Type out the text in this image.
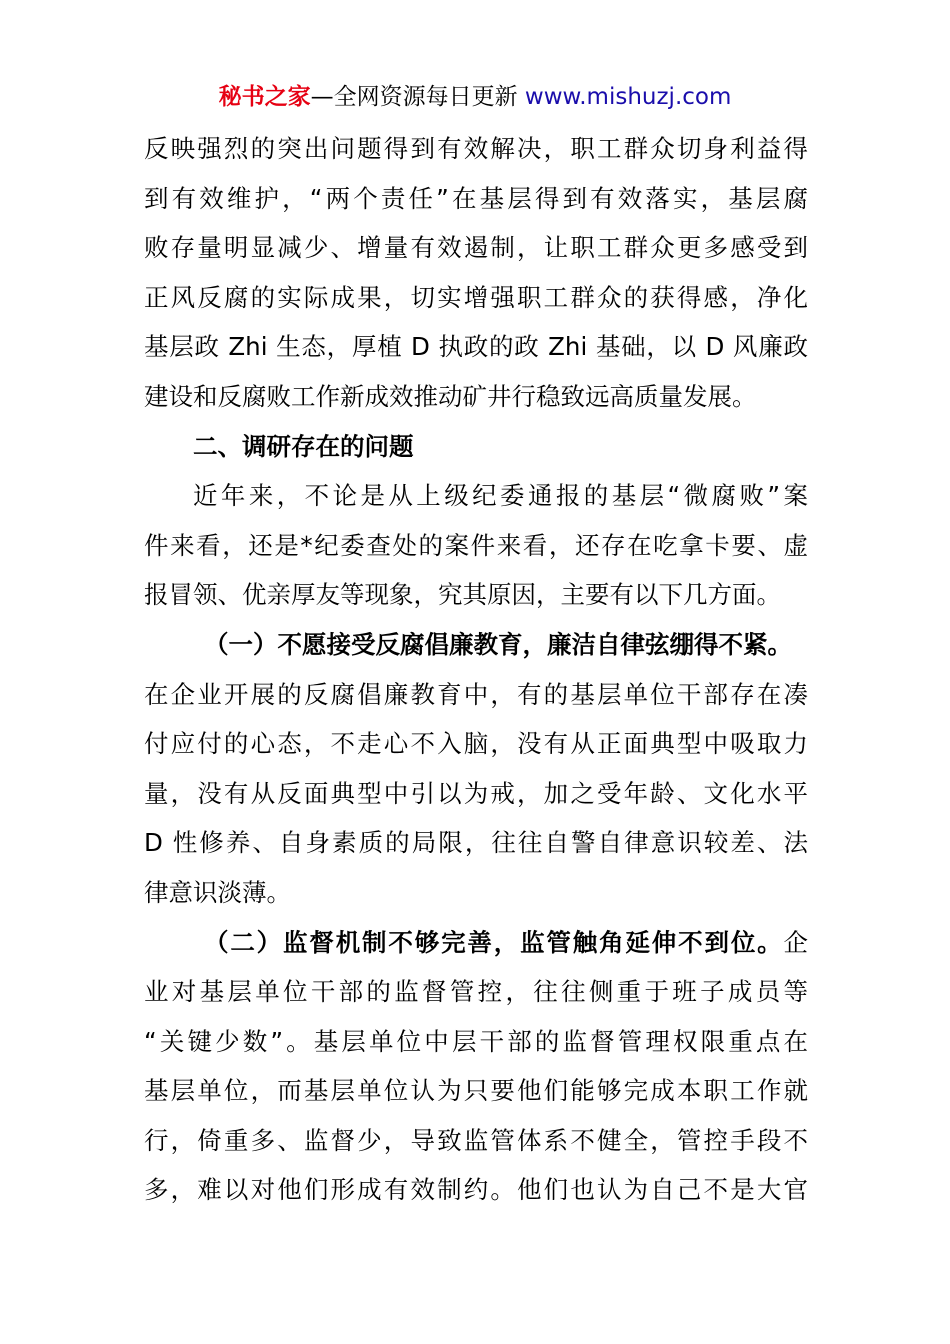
秘书之家—全网资源每日更新 www.mishuzj.com
反映强烈的突出问题得到有效解决，职工群众切身利益得
到有效维护，“两个责任”在基层得到有效落实，基层腐
败存量明显减少、增量有效遏制，让职工群众更多感受到
正风反腐的实际成果，切实增强职工群众的获得感，净化
基层政 Zhi 生态，厚植 D 执政的政 Zhi 基础，以 D 风廉政
建设和反腐败工作新成效推动矿井行稳致远高质量发展。
二、调研存在的问题
近年来，不论是从上级纪委通报的基层“微腐败”案
件来看，还是*纪委查处的案件来看，还存在吃拿卡要、虚
报冒领、优亲厚友等现象，究其原因，主要有以下几方面。
（一）不愿接受反腐倡廉教育，廉洁自律弦绷得不紧。
在企业开展的反腐倡廉教育中，有的基层单位干部存在凑
付应付的心态，不走心不入脑，没有从正面典型中吸取力
量，没有从反面典型中引以为戒，加之受年龄、文化水平
D 性修养、自身素质的局限，往往自警自律意识较差、法
律意识淡薄。
（二）监督机制不够完善，监管触角延伸不到位。企
业对基层单位干部的监督管控，往往侧重于班子成员等
“关键少数”。基层单位中层干部的监督管理权限重点在
基层单位，而基层单位认为只要他们能够完成本职工作就
行，倚重多、监督少，导致监管体系不健全，管控手段不
多，难以对他们形成有效制约。他们也认为自己不是大官
